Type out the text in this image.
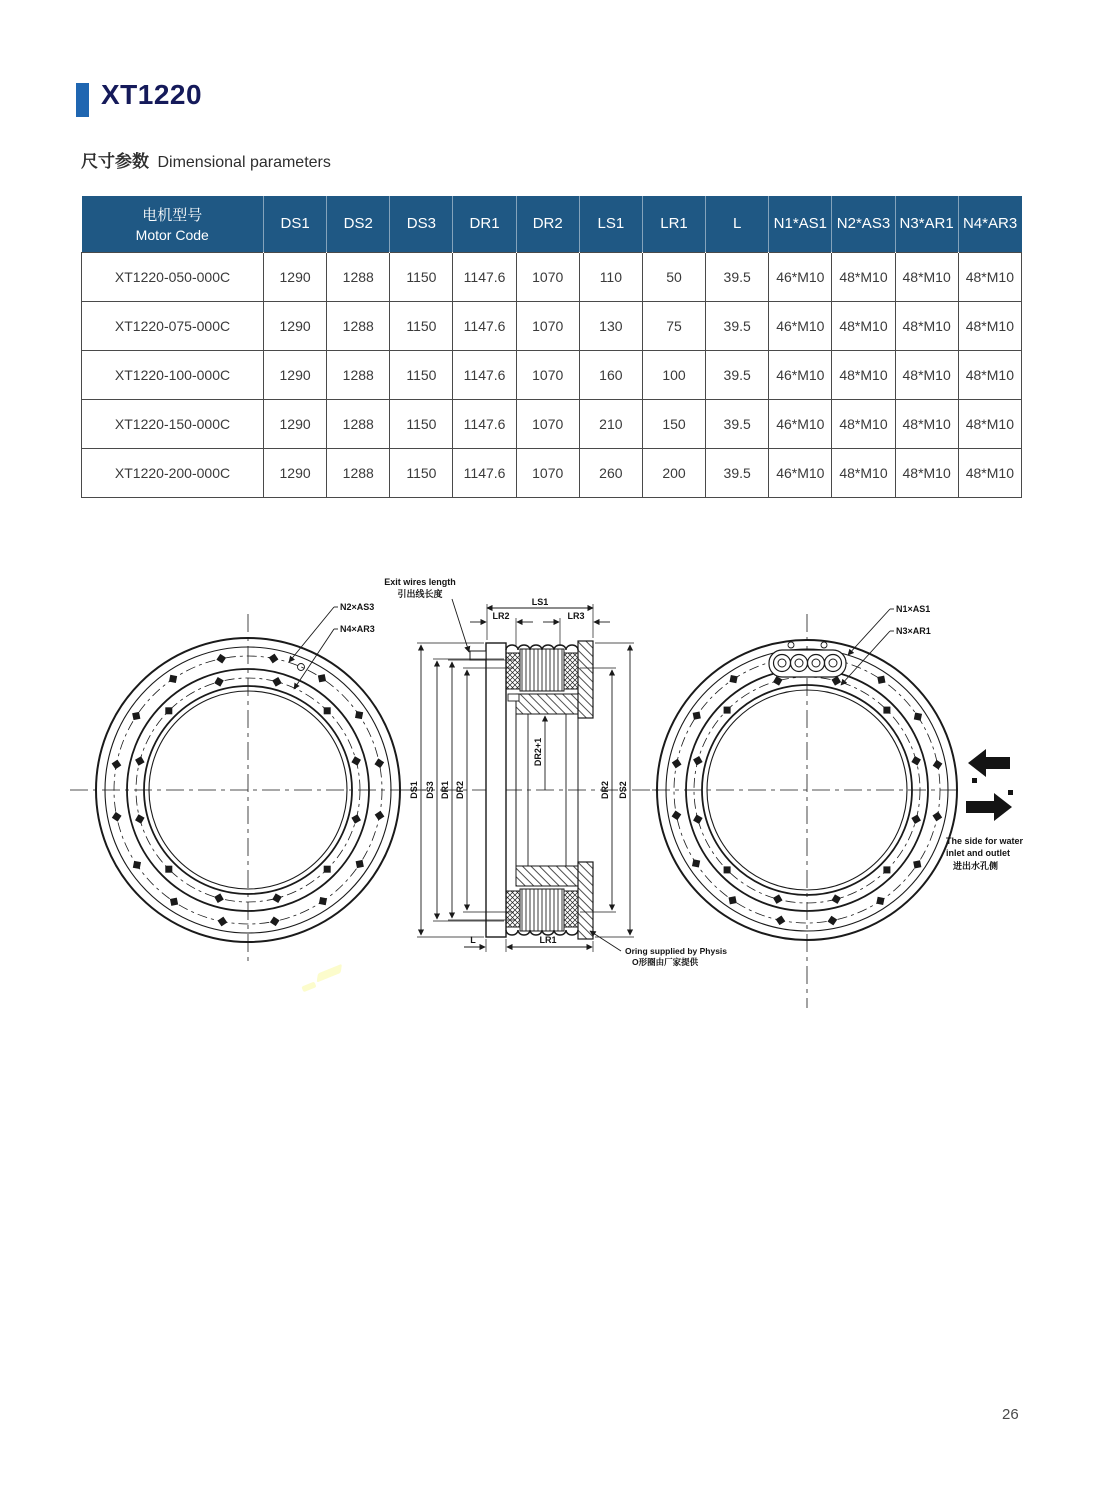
XT1220
尺寸参数 Dimensional parameters
电机型号
Motor Code	DS1	DS2	DS3	DR1	DR2	LS1	LR1	L	N1*AS1	N2*AS3	N3*AR1	N4*AR3
XT1220-050-000C	1290	1288	1150	1147.6	1070	110	50	39.5	46*M10	48*M10	48*M10	48*M10
XT1220-075-000C	1290	1288	1150	1147.6	1070	130	75	39.5	46*M10	48*M10	48*M10	48*M10
XT1220-100-000C	1290	1288	1150	1147.6	1070	160	100	39.5	46*M10	48*M10	48*M10	48*M10
XT1220-150-000C	1290	1288	1150	1147.6	1070	210	150	39.5	46*M10	48*M10	48*M10	48*M10
XT1220-200-000C	1290	1288	1150	1147.6	1070	260	200	39.5	46*M10	48*M10	48*M10	48*M10
N2×AS3
N4×AR3
Exit wires length
引出线长度
LS1
LR2	LR3
DS1 DS3 DR1 DR2
DR2+1
DR2 DS2
L	LR1
Oring supplied by Physis
O形圈由厂家提供
N1×AS1
N3×AR1
The side for water
inlet and outlet
进出水孔侧
26
